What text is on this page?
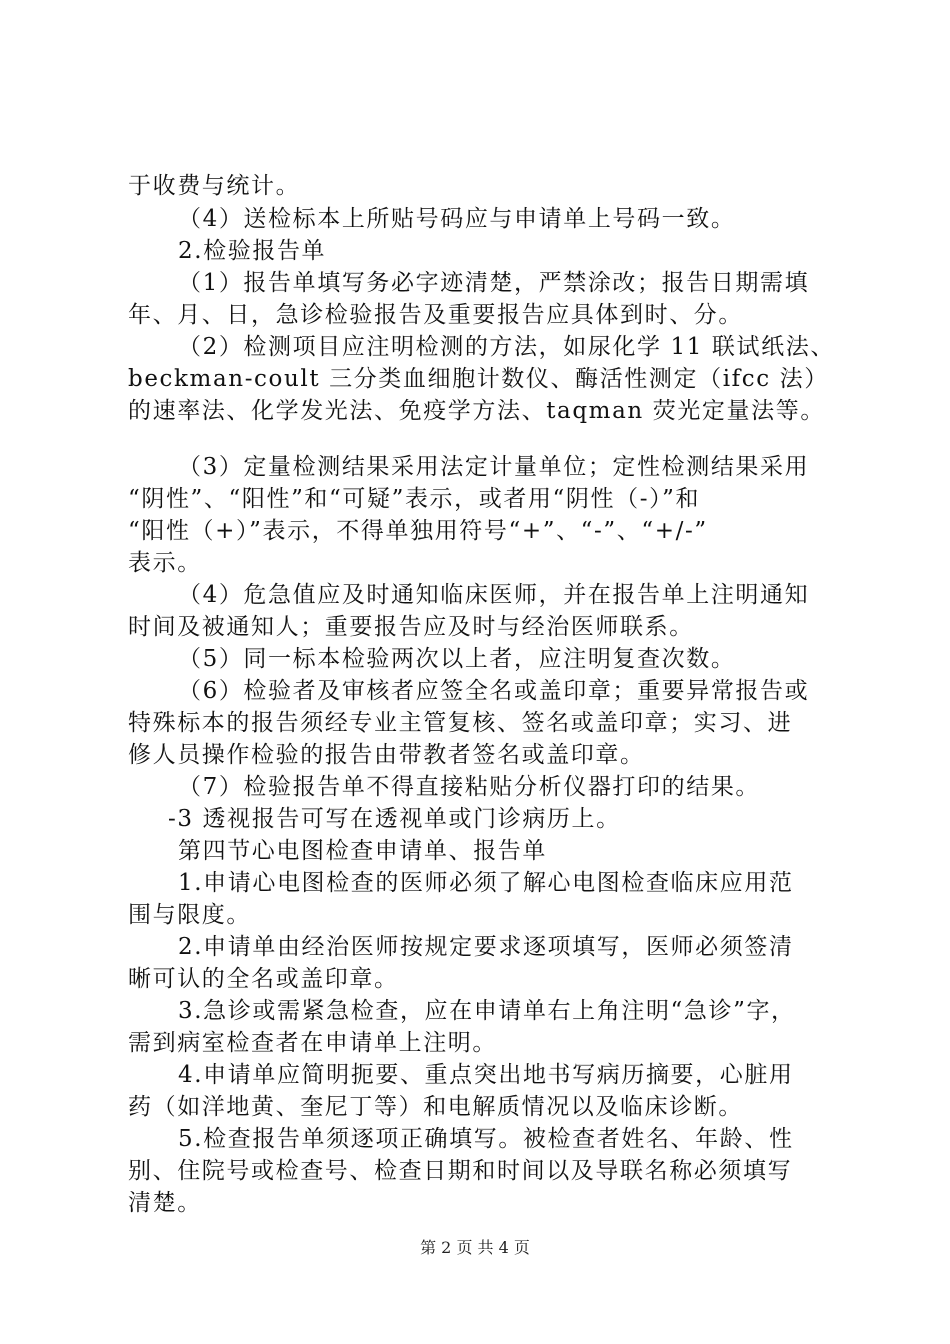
于收费与统计。
（4）送检标本上所贴号码应与申请单上号码一致。
2.检验报告单
（1）报告单填写务必字迹清楚，严禁涂改；报告日期需填
年、月、日，急诊检验报告及重要报告应具体到时、分。
（2）检测项目应注明检测的方法，如尿化学 11 联试纸法、
beckman-coult 三分类血细胞计数仪、酶活性测定（ifcc 法）
的速率法、化学发光法、免疫学方法、taqman 荧光定量法等。
（3）定量检测结果采用法定计量单位；定性检测结果采用
“阴性”、“阳性”和“可疑”表示，或者用“阴性（-）”和
“阳性（+）”表示，不得单独用符号“+”、“-”、“+/-”
表示。
（4）危急值应及时通知临床医师，并在报告单上注明通知
时间及被通知人；重要报告应及时与经治医师联系。
（5）同一标本检验两次以上者，应注明复查次数。
（6）检验者及审核者应签全名或盖印章；重要异常报告或
特殊标本的报告须经专业主管复核、签名或盖印章；实习、进
修人员操作检验的报告由带教者签名或盖印章。
（7）检验报告单不得直接粘贴分析仪器打印的结果。
-3 透视报告可写在透视单或门诊病历上。
第四节心电图检查申请单、报告单
1.申请心电图检查的医师必须了解心电图检查临床应用范
围与限度。
2.申请单由经治医师按规定要求逐项填写，医师必须签清
晰可认的全名或盖印章。
3.急诊或需紧急检查，应在申请单右上角注明“急诊”字，
需到病室检查者在申请单上注明。
4.申请单应简明扼要、重点突出地书写病历摘要，心脏用
药（如洋地黄、奎尼丁等）和电解质情况以及临床诊断。
5.检查报告单须逐项正确填写。被检查者姓名、年龄、性
别、住院号或检查号、检查日期和时间以及导联名称必须填写
清楚。
第 2 页 共 4 页
